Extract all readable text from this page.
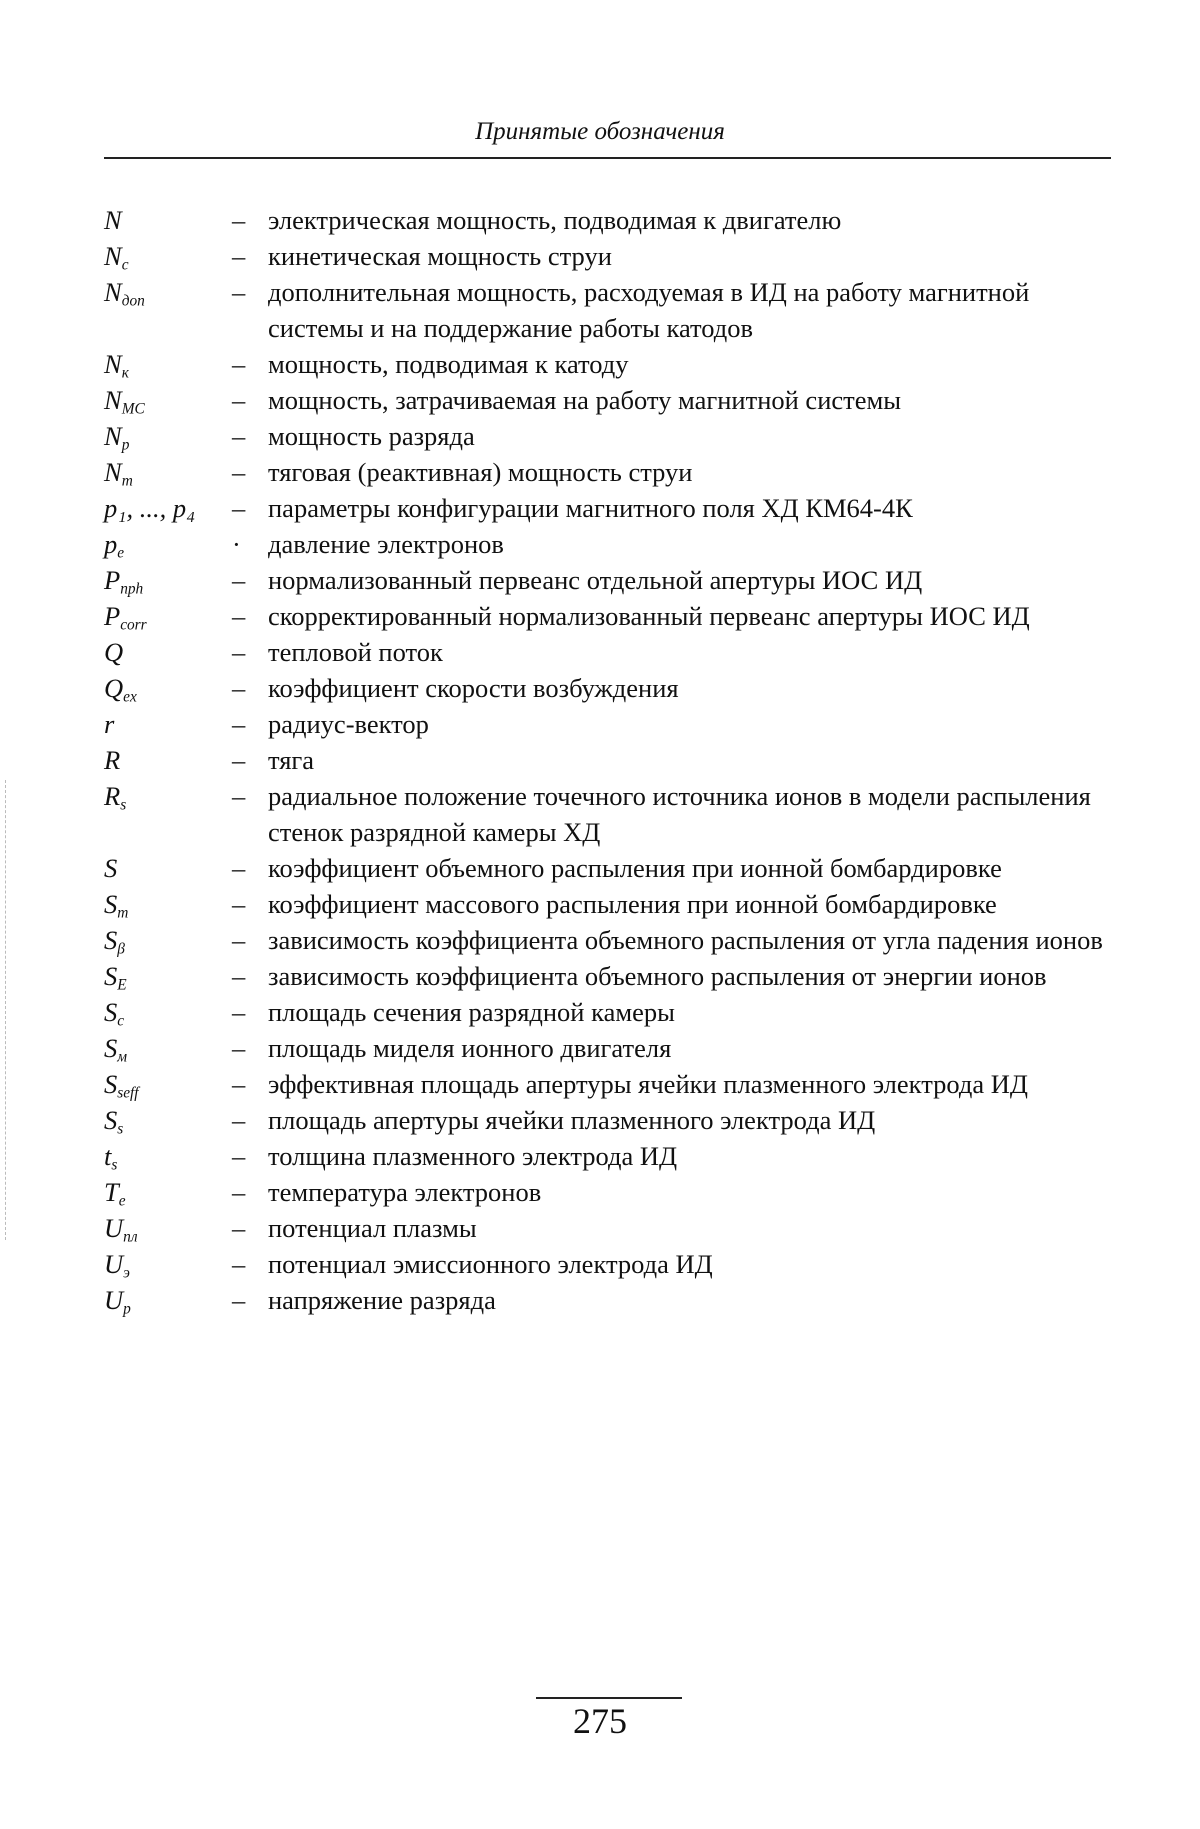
Принятые обозначения
N	– электрическая мощность, подводимая к двигателю
$N_c$	– кинетическая мощность струи
$N_{доп}$	– дополнительная мощность, расходуемая в ИД на работу магнитной системы и на поддержание работы катодов
$N_к$	– мощность, подводимая к катоду
$N_{МС}$	– мощность, затрачиваемая на работу магнитной системы
$N_р$	– мощность разряда
$N_т$	– тяговая (реактивная) мощность струи
p₁, ..., p₄	– параметры конфигурации магнитного поля ХД КМ64-4К
$p_e$	·	давление электронов
$P_{nph}$	– нормализованный первеанс отдельной апертуры ИОС ИД
$P_{corr}$	– скорректированный нормализованный первеанс апертуры ИОС ИД
Q	– тепловой поток
$Q_{ex}$	– коэффициент скорости возбуждения
r⃗	– радиус-вектор
R	– тяга
$R_s$	– радиальное положение точечного источника ионов в модели распыления стенок разрядной камеры ХД
S	– коэффициент объемного распыления при ионной бомбардировке
$S_m$	– коэффициент массового распыления при ионной бомбардировке
$S_\beta$	– зависимость коэффициента объемного распыления от угла падения ионов
$S_E$	– зависимость коэффициента объемного распыления от энергии ионов
$S_c$	– площадь сечения разрядной камеры
$S_м$	– площадь миделя ионного двигателя
$S_{seff}$	– эффективная площадь апертуры ячейки плазменного электрода ИД
$S_s$	– площадь апертуры ячейки плазменного электрода ИД
$t_s$	– толщина плазменного электрода ИД
$T_e$	– температура электронов
$U_{пл}$	– потенциал плазмы
$U_э$	– потенциал эмиссионного электрода ИД
$U_р$	– напряжение разряда
275
